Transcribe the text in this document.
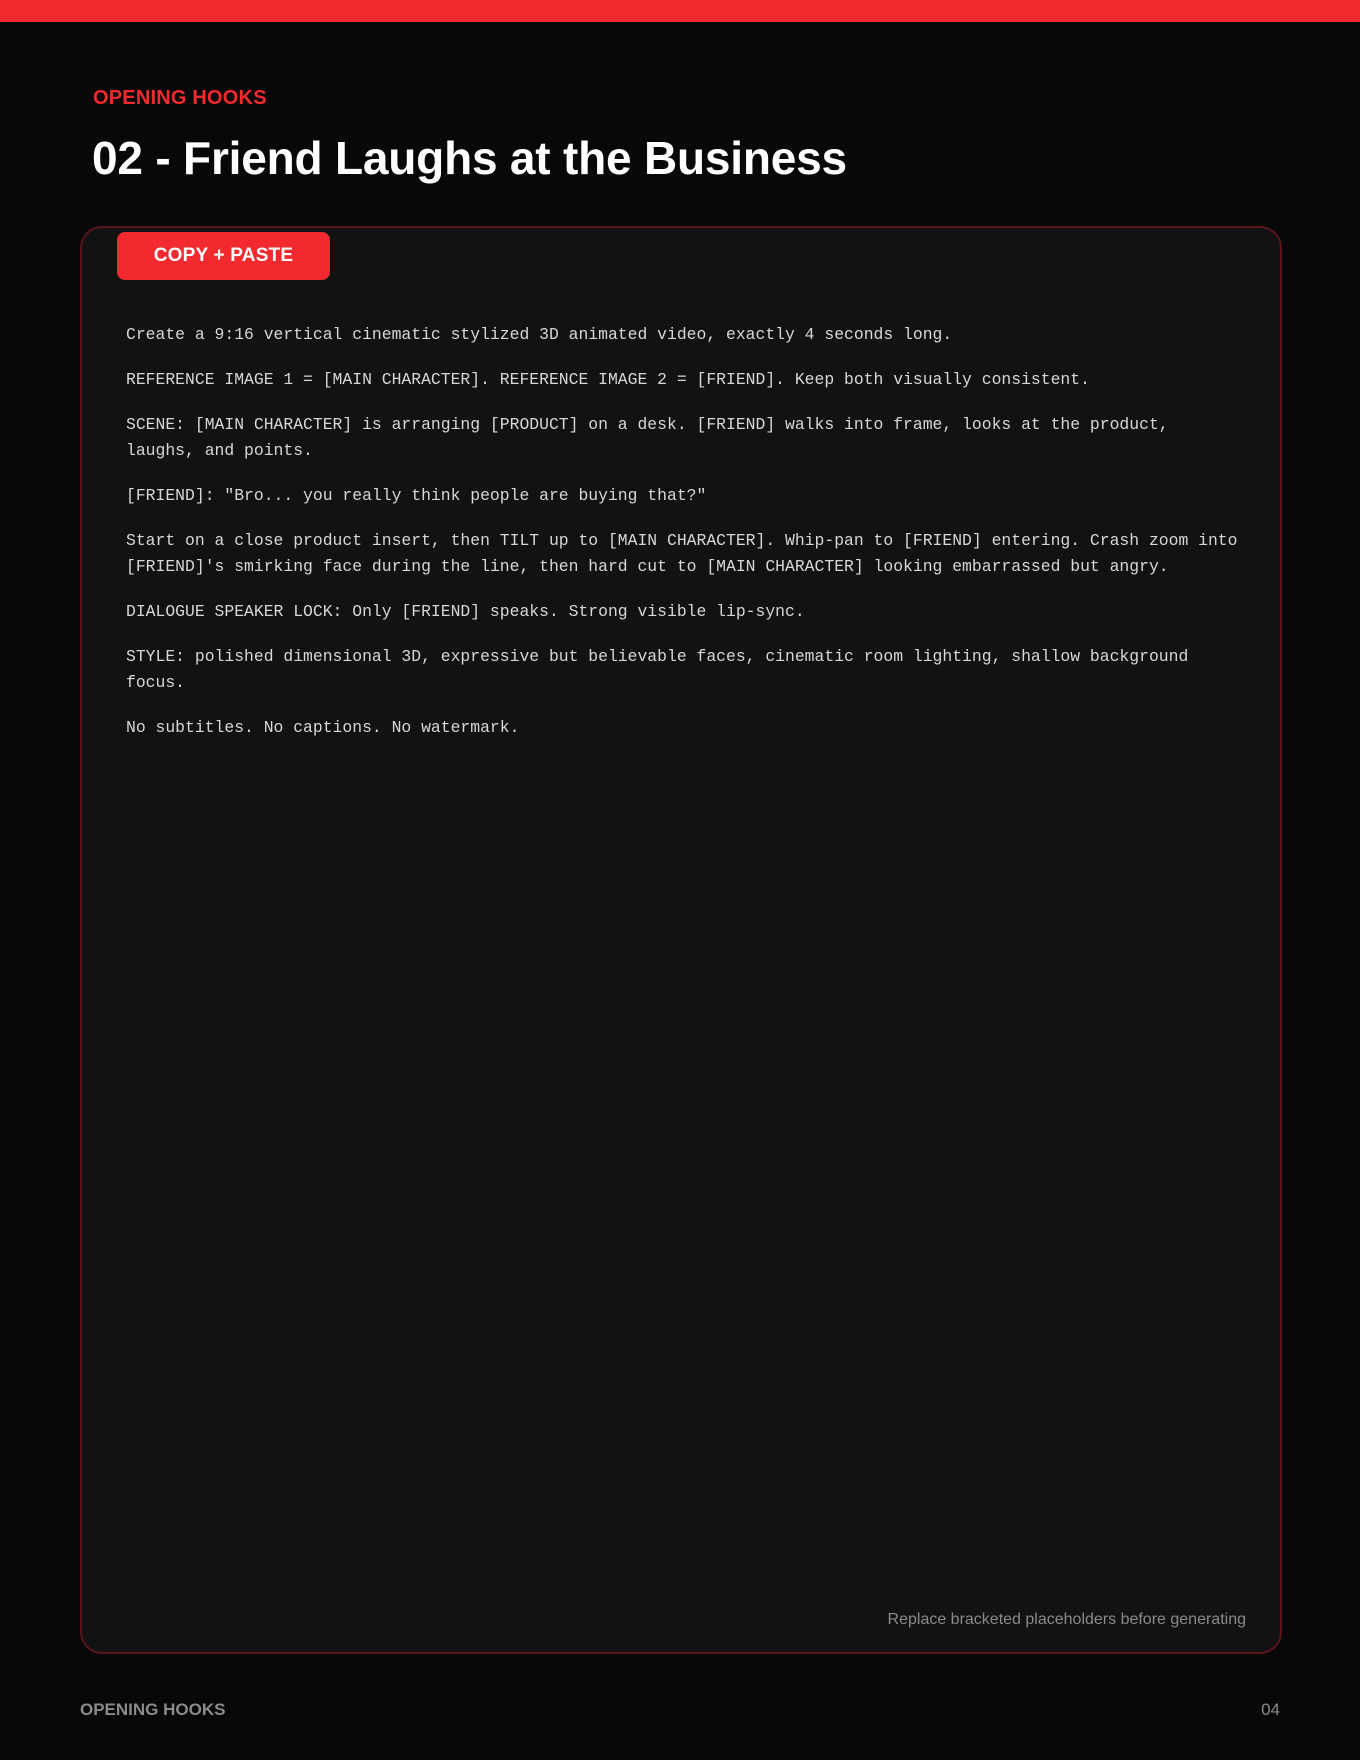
OPENING HOOKS
02 - Friend Laughs at the Business
COPY + PASTE

Create a 9:16 vertical cinematic stylized 3D animated video, exactly 4 seconds long.

REFERENCE IMAGE 1 = [MAIN CHARACTER]. REFERENCE IMAGE 2 = [FRIEND]. Keep both visually consistent.

SCENE: [MAIN CHARACTER] is arranging [PRODUCT] on a desk. [FRIEND] walks into frame, looks at the product, laughs, and points.

[FRIEND]: "Bro... you really think people are buying that?"

Start on a close product insert, then TILT up to [MAIN CHARACTER]. Whip-pan to [FRIEND] entering. Crash zoom into [FRIEND]'s smirking face during the line, then hard cut to [MAIN CHARACTER] looking embarrassed but angry.

DIALOGUE SPEAKER LOCK: Only [FRIEND] speaks. Strong visible lip-sync.

STYLE: polished dimensional 3D, expressive but believable faces, cinematic room lighting, shallow background focus.

No subtitles. No captions. No watermark.

Replace bracketed placeholders before generating
OPENING HOOKS	04
